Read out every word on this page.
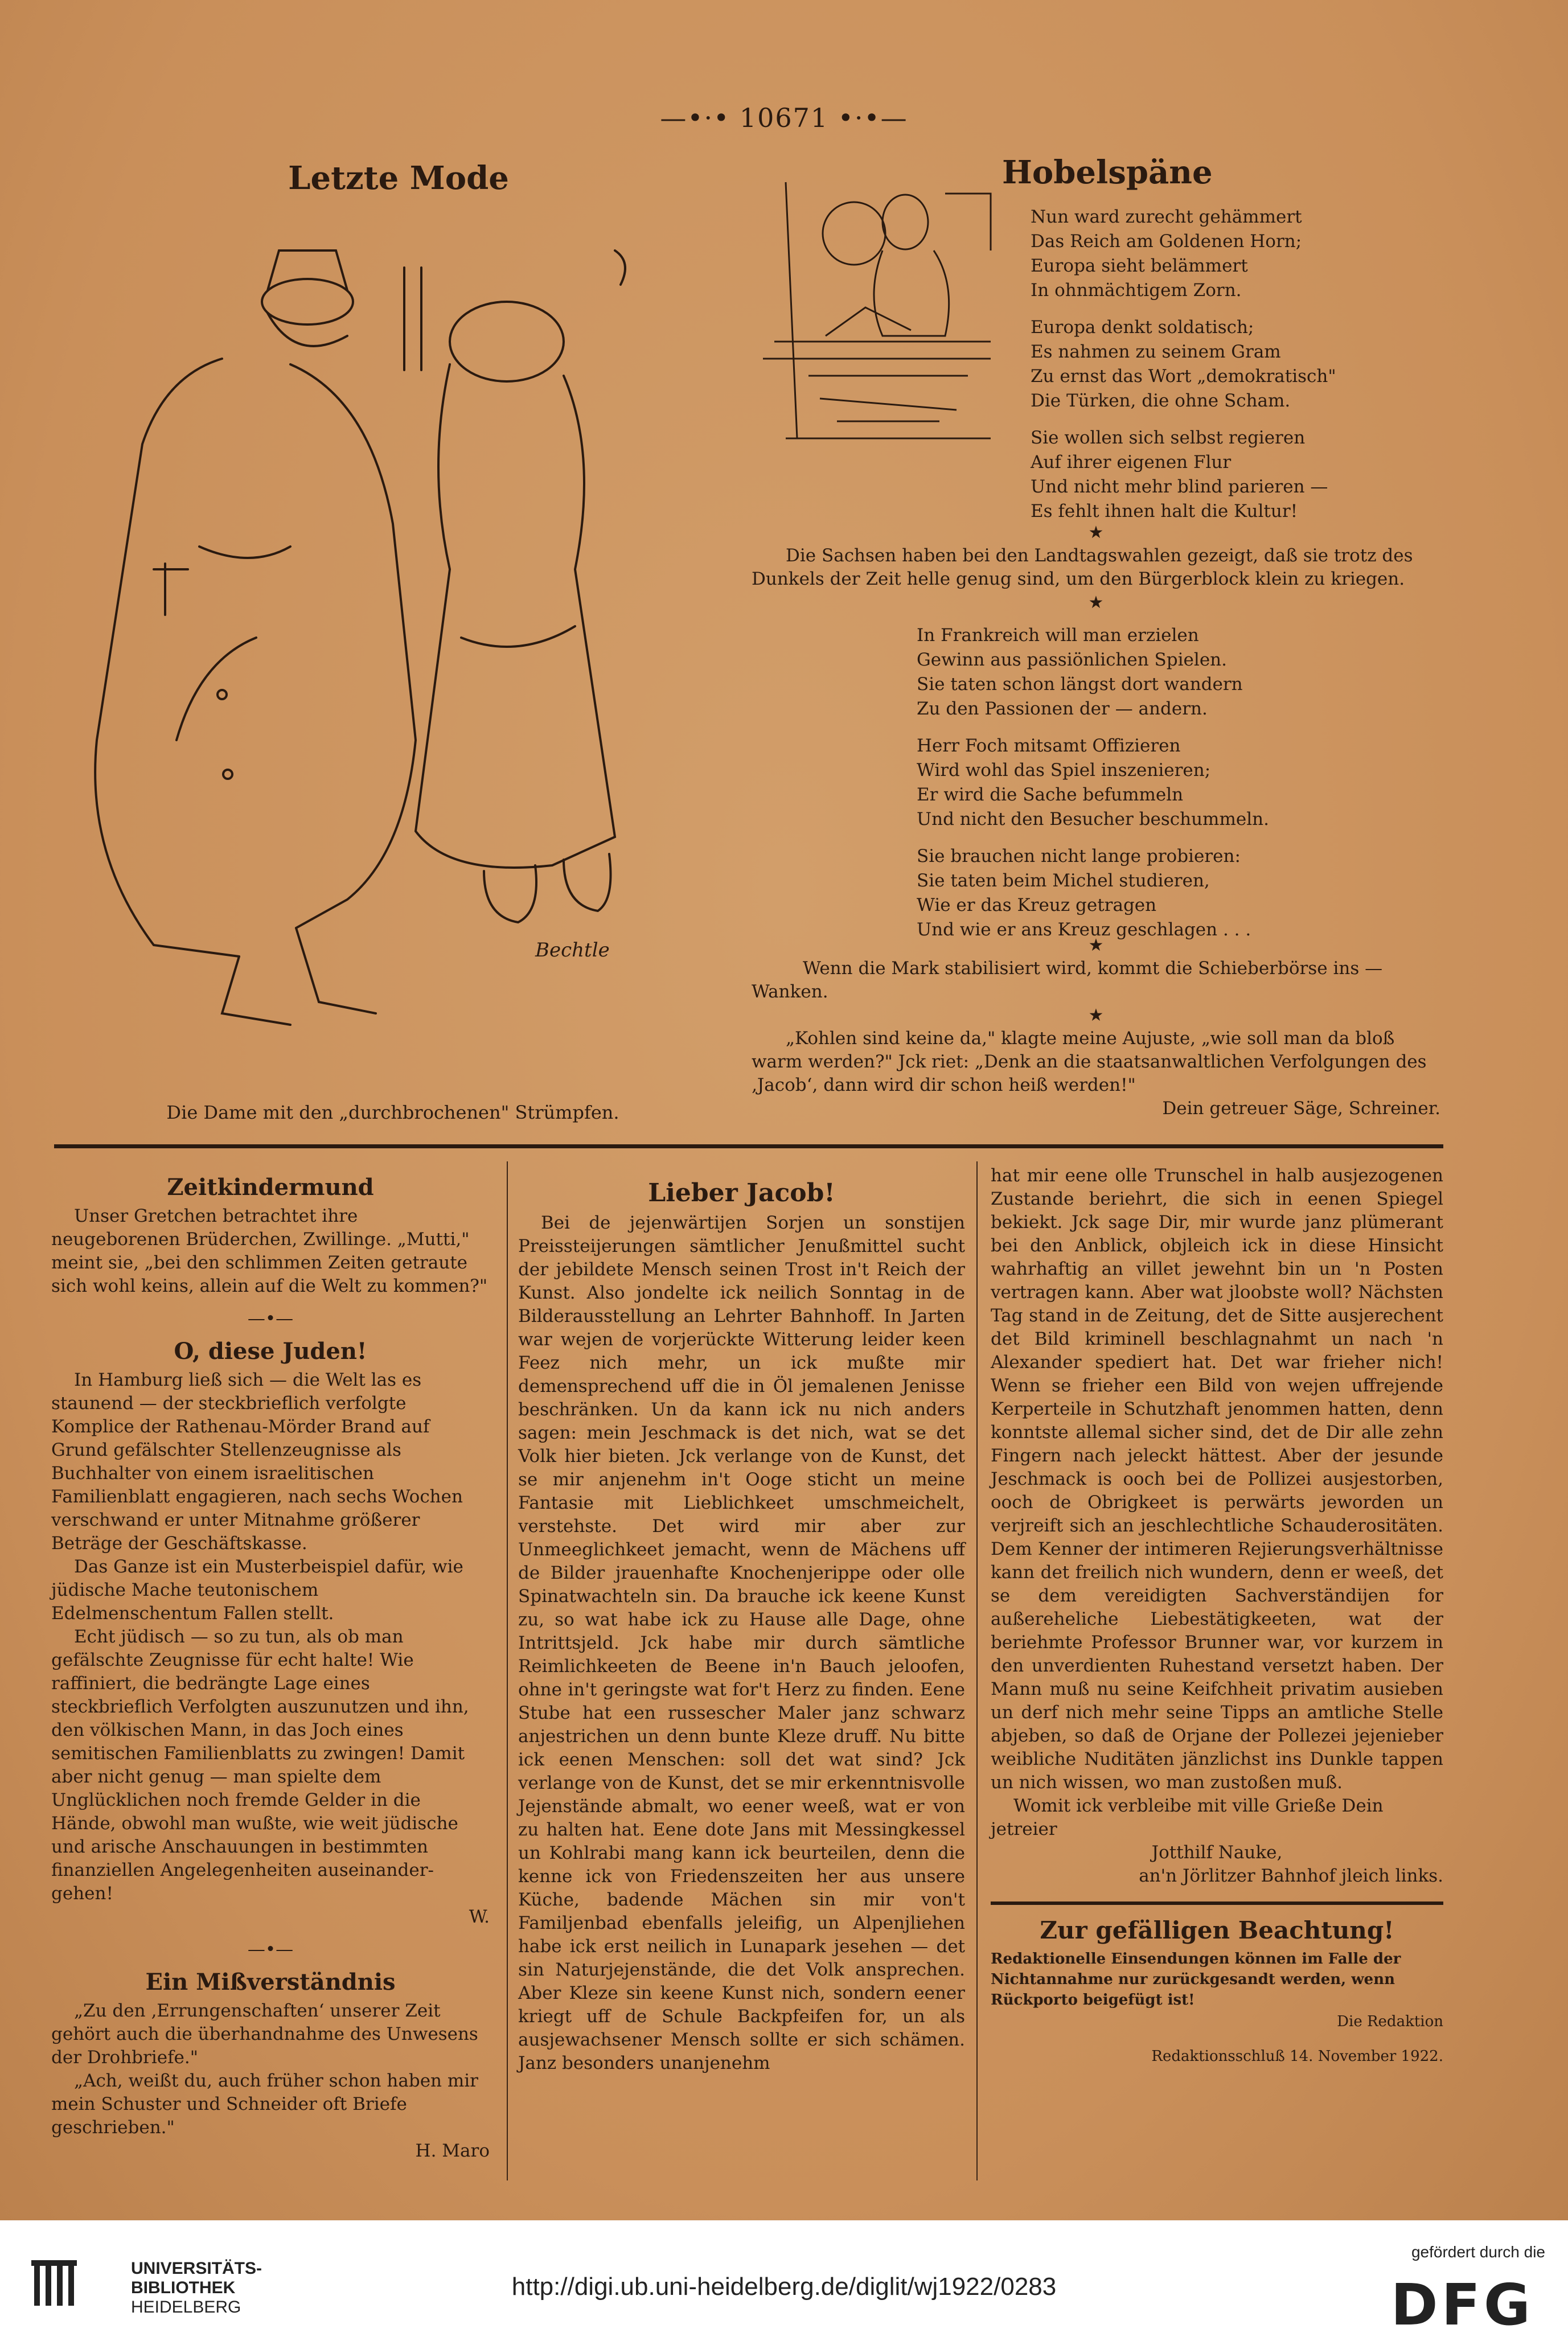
—•·• 10671 •·•—
Letzte Mode
Bechtle
Die Dame mit den „durchbrochenen" Strümpfen.
Hobelspäne
Nun ward zurecht gehämmert
Das Reich am Goldenen Horn;
Europa sieht belämmert
In ohnmächtigem Zorn.
Europa denkt soldatisch;
Es nahmen zu seinem Gram
Zu ernst das Wort „demokratisch"
Die Türken, die ohne Scham.
Sie wollen sich selbst regieren
Auf ihrer eigenen Flur
Und nicht mehr blind parieren —
Es fehlt ihnen halt die Kultur!
★

Die Sachsen haben bei den Landtagswahlen gezeigt, daß sie trotz des Dunkels der Zeit helle genug sind, um den Bürgerblock klein zu kriegen.

★
In Frankreich will man erzielen
Gewinn aus passiönlichen Spielen.
Sie taten schon längst dort wandern
Zu den Passionen der — andern.
Herr Foch mitsamt Offizieren
Wird wohl das Spiel inszenieren;
Er wird die Sache befummeln
Und nicht den Besucher beschummeln.
Sie brauchen nicht lange probieren:
Sie taten beim Michel studieren,
Wie er das Kreuz getragen
Und wie er ans Kreuz geschlagen . . .
★

Wenn die Mark stabilisiert wird, kommt die Schieberbörse ins — Wanken.

★

„Kohlen sind keine da," klagte meine Aujuste, „wie soll man da bloß warm werden?" Jck riet: „Denk an die staatsanwaltlichen Verfolgungen des ‚Jacob‘, dann wird dir schon heiß werden!"

Dein getreuer Säge, Schreiner.

Zeitkindermund

Unser Gretchen betrachtet ihre neugeborenen Brüderchen, Zwillinge. „Mutti," meint sie, „bei den schlimmen Zeiten getraute sich wohl keins, allein auf die Welt zu kommen?"

—•—
O, diese Juden!

In Hamburg ließ sich — die Welt las es staunend — der steckbrieflich verfolgte Komplice der Rathenau-Mörder Brand auf Grund gefälschter Stellenzeugnisse als Buchhalter von einem israelitischen Familienblatt engagieren, nach sechs Wochen verschwand er unter Mitnahme größerer Beträge der Geschäftskasse.

Das Ganze ist ein Musterbeispiel dafür, wie jüdische Mache teutonischem Edelmenschentum Fallen stellt.

Echt jüdisch — so zu tun, als ob man gefälschte Zeugnisse für echt halte! Wie raffiniert, die bedrängte Lage eines steckbrieflich Verfolgten auszunutzen und ihn, den völkischen Mann, in das Joch eines semitischen Familienblatts zu zwingen! Damit aber nicht genug — man spielte dem Unglücklichen noch fremde Gelder in die Hände, obwohl man wußte, wie weit jüdische und arische Anschauungen in bestimmten finanziellen Angelegenheiten auseinandergehen!

W.

—•—
Ein Mißverständnis

„Zu den ‚Errungenschaften‘ unserer Zeit gehört auch die überhandnahme des Unwesens der Drohbriefe."

„Ach, weißt du, auch früher schon haben mir mein Schuster und Schneider oft Briefe geschrieben."

H. Maro

Lieber Jacob!

Bei de jejenwärtijen Sorjen un sonstijen Preissteijerungen sämtlicher Jenußmittel sucht der jebildete Mensch seinen Trost in't Reich der Kunst. Also jondelte ick neilich Sonntag in de Bilderausstellung an Lehrter Bahnhoff. In Jarten war wejen de vorjerückte Witterung leider keen Feez nich mehr, un ick mußte mir demensprechend uff die in Öl jemalenen Jenisse beschränken. Un da kann ick nu nich anders sagen: mein Jeschmack is det nich, wat se det Volk hier bieten. Jck verlange von de Kunst, det se mir anjenehm in't Ooge sticht un meine Fantasie mit Lieblichkeet umschmeichelt, verstehste. Det wird mir aber zur Unmeeglichkeet jemacht, wenn de Mächens uff de Bilder jrauenhafte Knochenjerippe oder olle Spinatwachteln sin. Da brauche ick keene Kunst zu, so wat habe ick zu Hause alle Dage, ohne Intrittsjeld. Jck habe mir durch sämtliche Reimlichkeeten de Beene in'n Bauch jeloofen, ohne in't geringste wat for't Herz zu finden. Eene Stube hat een russescher Maler janz schwarz anjestrichen un denn bunte Kleze druff. Nu bitte ick eenen Menschen: soll det wat sind? Jck verlange von de Kunst, det se mir erkenntnisvolle Jejenstände abmalt, wo eener weeß, wat er von zu halten hat. Eene dote Jans mit Messingkessel un Kohlrabi mang kann ick beurteilen, denn die kenne ick von Friedenszeiten her aus unsere Küche, badende Mächen sin mir von't Familjenbad ebenfalls jeleifig, un Alpenjliehen habe ick erst neilich in Lunapark jesehen — det sin Naturjejenstände, die det Volk ansprechen. Aber Kleze sin keene Kunst nich, sondern eener kriegt uff de Schule Backpfeifen for, un als ausjewachsener Mensch sollte er sich schämen. Janz besonders unanjenehm

hat mir eene olle Trunschel in halb ausjezogenen Zustande beriehrt, die sich in eenen Spiegel bekiekt. Jck sage Dir, mir wurde janz plümerant bei den Anblick, objleich ick in diese Hinsicht wahrhaftig an villet jewehnt bin un 'n Posten vertragen kann. Aber wat jloobste woll? Nächsten Tag stand in de Zeitung, det de Sitte ausjerechent det Bild kriminell beschlagnahmt un nach 'n Alexander spediert hat. Det war frieher nich! Wenn se frieher een Bild von wejen uffrejende Kerperteile in Schutzhaft jenommen hatten, denn konntste allemal sicher sind, det de Dir alle zehn Fingern nach jeleckt hättest. Aber der jesunde Jeschmack is ooch bei de Pollizei ausjestorben, ooch de Obrigkeet is perwärts jeworden un verjreift sich an jeschlechtliche Schauderositäten. Dem Kenner der intimeren Rejierungsverhältnisse kann det freilich nich wundern, denn er weeß, det se dem vereidigten Sachverständijen for außereheliche Liebestätigkeeten, wat der beriehmte Professor Brunner war, vor kurzem in den unverdienten Ruhestand versetzt haben. Der Mann muß nu seine Keifchheit privatim ausieben un derf nich mehr seine Tipps an amtliche Stelle abjeben, so daß de Orjane der Pollezei jejenieber weibliche Nuditäten jänzlichst ins Dunkle tappen un nich wissen, wo man zustoßen muß.

Womit ick verbleibe mit ville Grieße Dein jetreier

Jotthilf Nauke,

an'n Jörlitzer Bahnhof jleich links.

Zur gefälligen Beachtung!

Redaktionelle Einsendungen können im Falle der Nichtannahme nur zurückgesandt werden, wenn Rückporto beigefügt ist!

Die Redaktion

Redaktionsschluß 14. November 1922.

UNIVERSITÄTS-
BIBLIOTHEK
HEIDELBERG
http://digi.ub.uni-heidelberg.de/diglit/wj1922/0283
gefördert durch die
DFG
